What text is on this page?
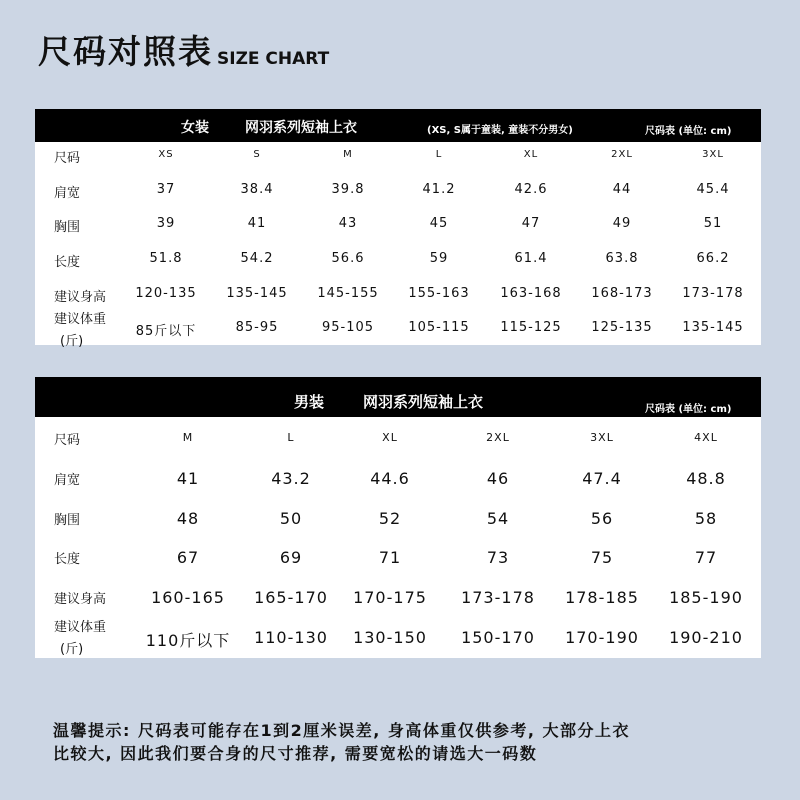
尺码对照表 SIZE CHART
女装	网羽系列短袖上衣	(XS, S属于童装, 童装不分男女)	尺码表 (单位: cm)
尺码	XS	S	M	L	XL	2XL	3XL
肩宽	37	38.4	39.8	41.2	42.6	44	45.4
胸围	39	41	43	45	47	49	51
长度	51.8	54.2	56.6	59	61.4	63.8	66.2
建议身高 120-135 135-145 145-155 155-163 163-168 168-173 173-178
建议体重
(斤)
85斤以下	85-95	95-105	105-115 115-125 125-135 135-145
男装	网羽系列短袖上衣	尺码表 (单位: cm)
尺码	M	L	XL	2XL	3XL	4XL
肩宽	41	43.2	44.6	46	47.4	48.8
胸围	48	50	52	54	56	58
长度	67	69	71	73	75	77
建议身高	160-165 165-170 170-175 173-178 178-185 185-190
建议体重
(斤)	110斤以下 110-130 130-150 150-170 170-190 190-210
温馨提示: 尺码表可能存在1到2厘米误差, 身高体重仅供参考, 大部分上衣
比较大, 因此我们要合身的尺寸推荐, 需要宽松的请选大一码数
